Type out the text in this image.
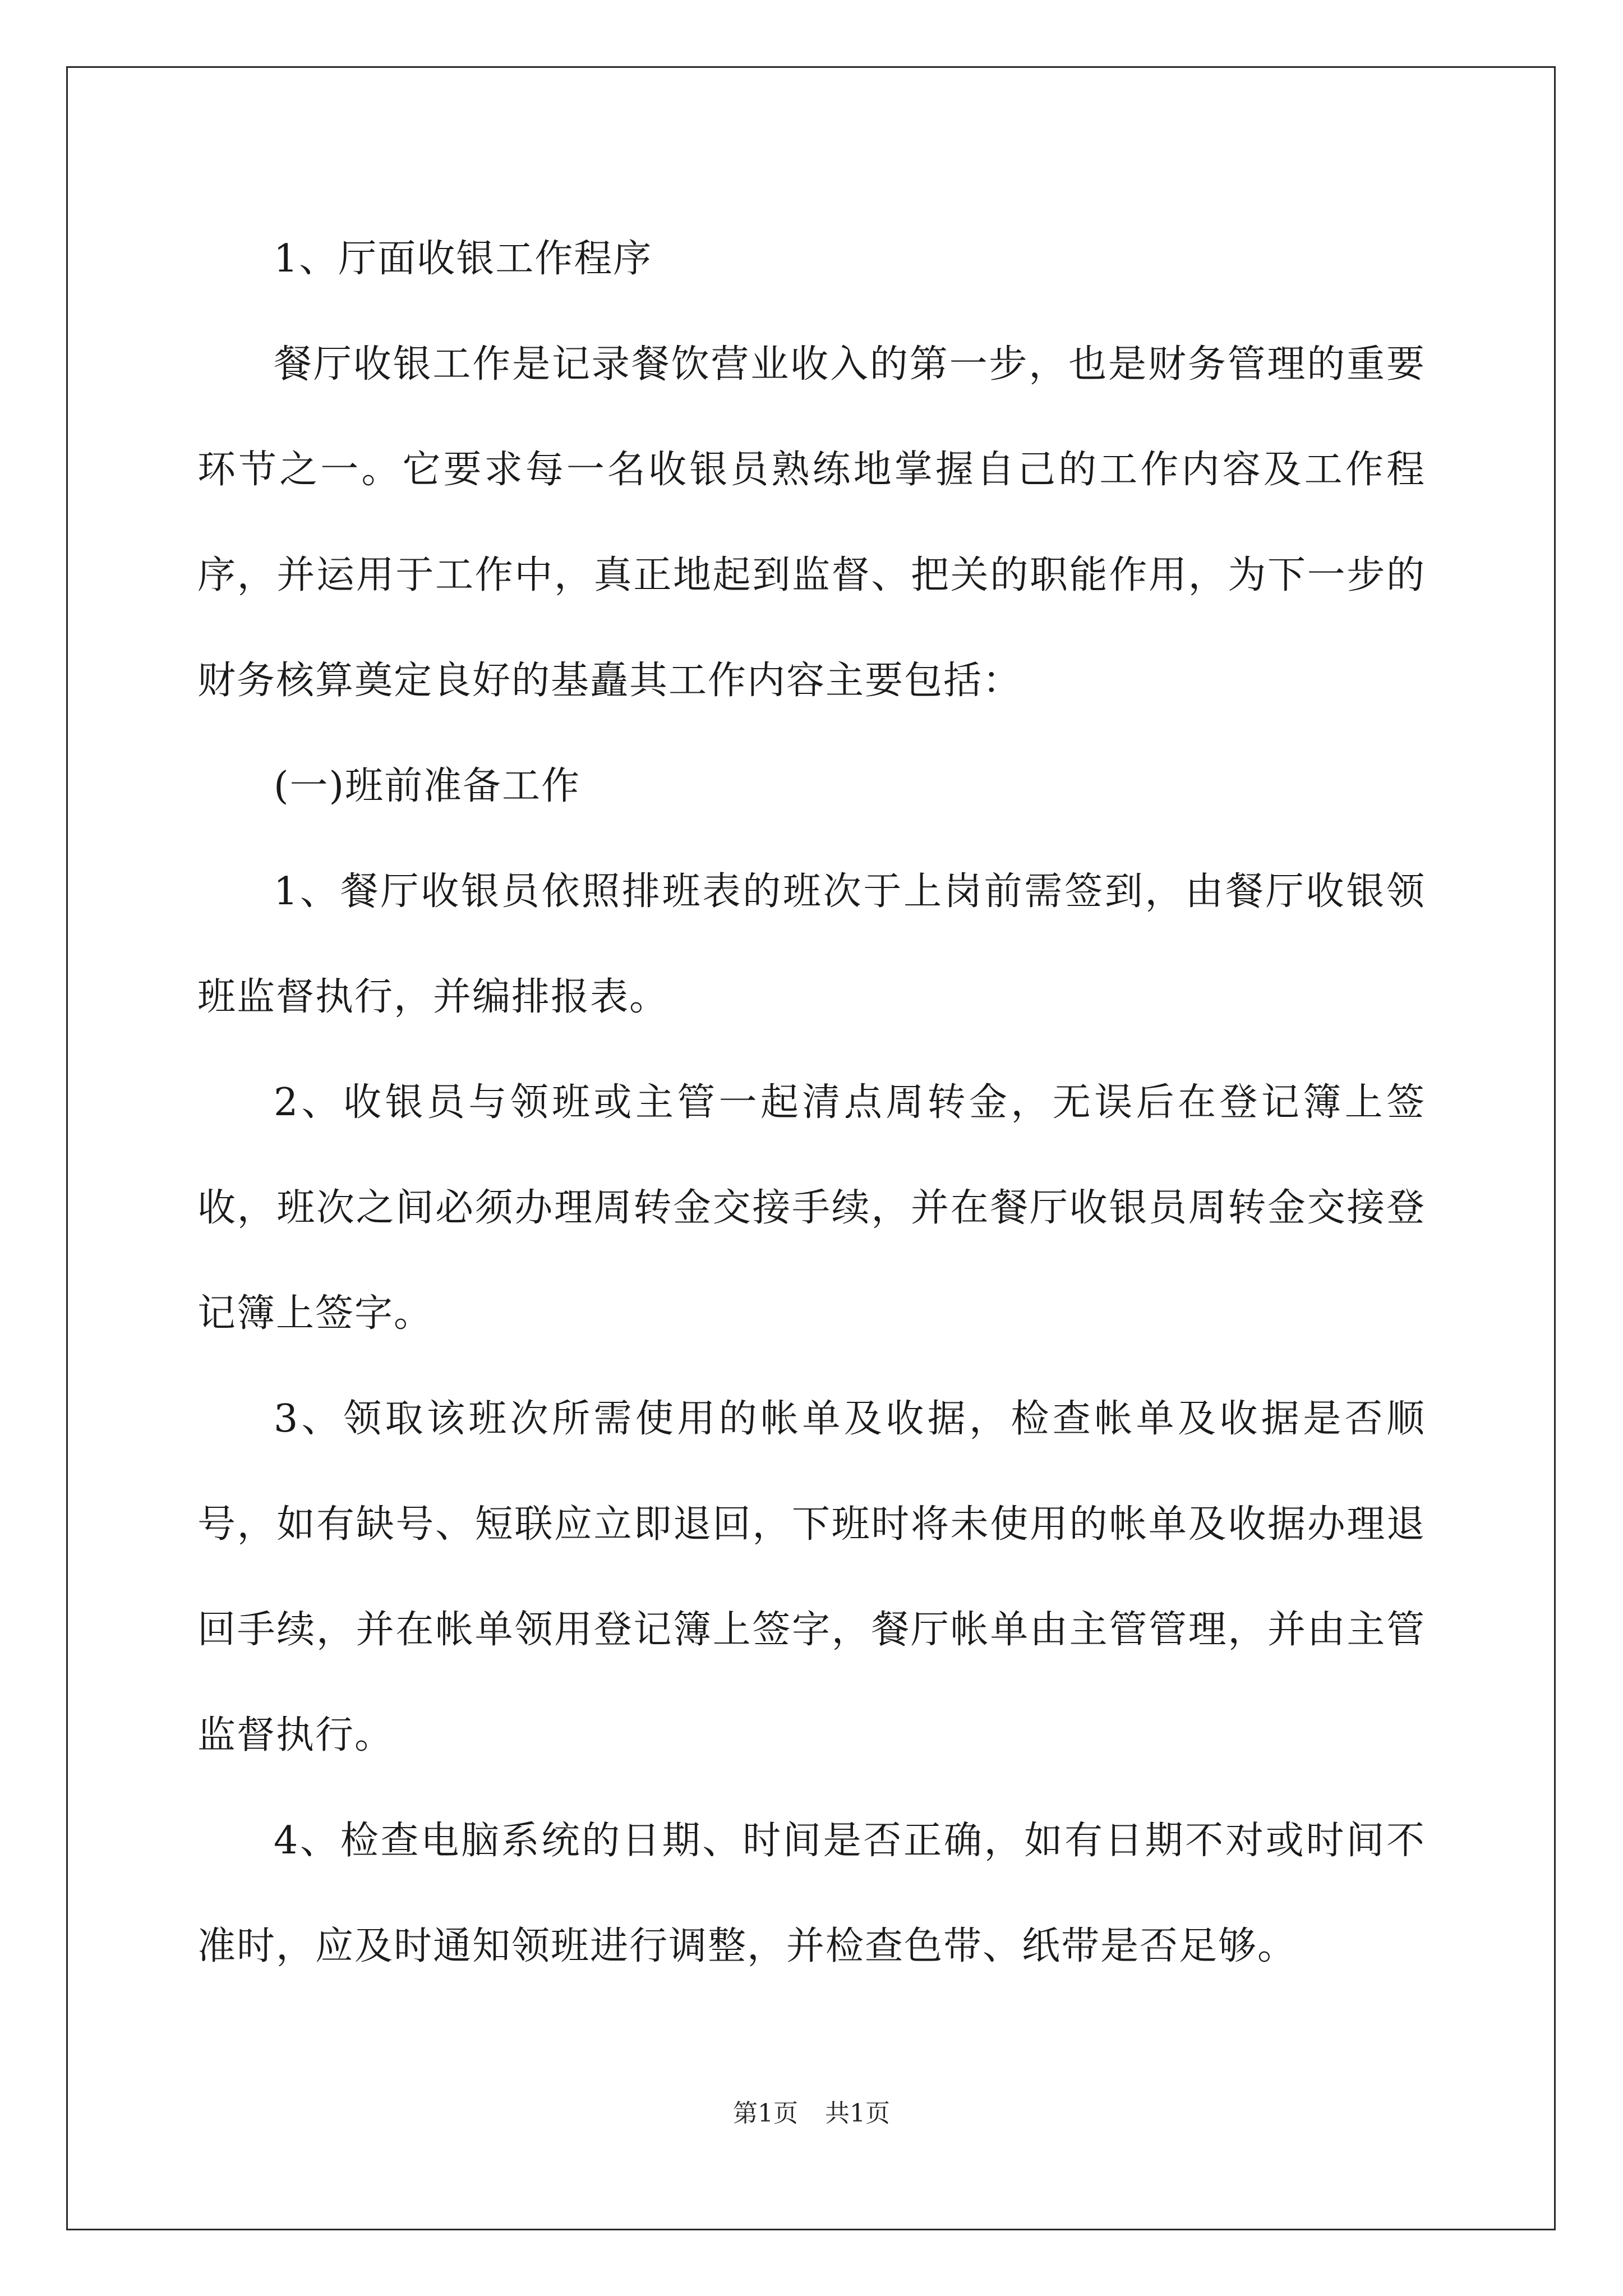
1、厅面收银工作程序

餐厅收银工作是记录餐饮营业收入的第一步，也是财务管理的重要环节之一。它要求每一名收银员熟练地掌握自己的工作内容及工作程序，并运用于工作中，真正地起到监督、把关的职能作用，为下一步的财务核算奠定良好的基矗其工作内容主要包括：

(一)班前准备工作

1、餐厅收银员依照排班表的班次于上岗前需签到，由餐厅收银领班监督执行，并编排报表。

2、收银员与领班或主管一起清点周转金，无误后在登记簿上签收，班次之间必须办理周转金交接手续，并在餐厅收银员周转金交接登记簿上签字。

3、领取该班次所需使用的帐单及收据，检查帐单及收据是否顺号，如有缺号、短联应立即退回，下班时将未使用的帐单及收据办理退回手续，并在帐单领用登记簿上签字，餐厅帐单由主管管理，并由主管监督执行。

4、检查电脑系统的日期、时间是否正确，如有日期不对或时间不准时，应及时通知领班进行调整，并检查色带、纸带是否足够。

第1页 共1页
